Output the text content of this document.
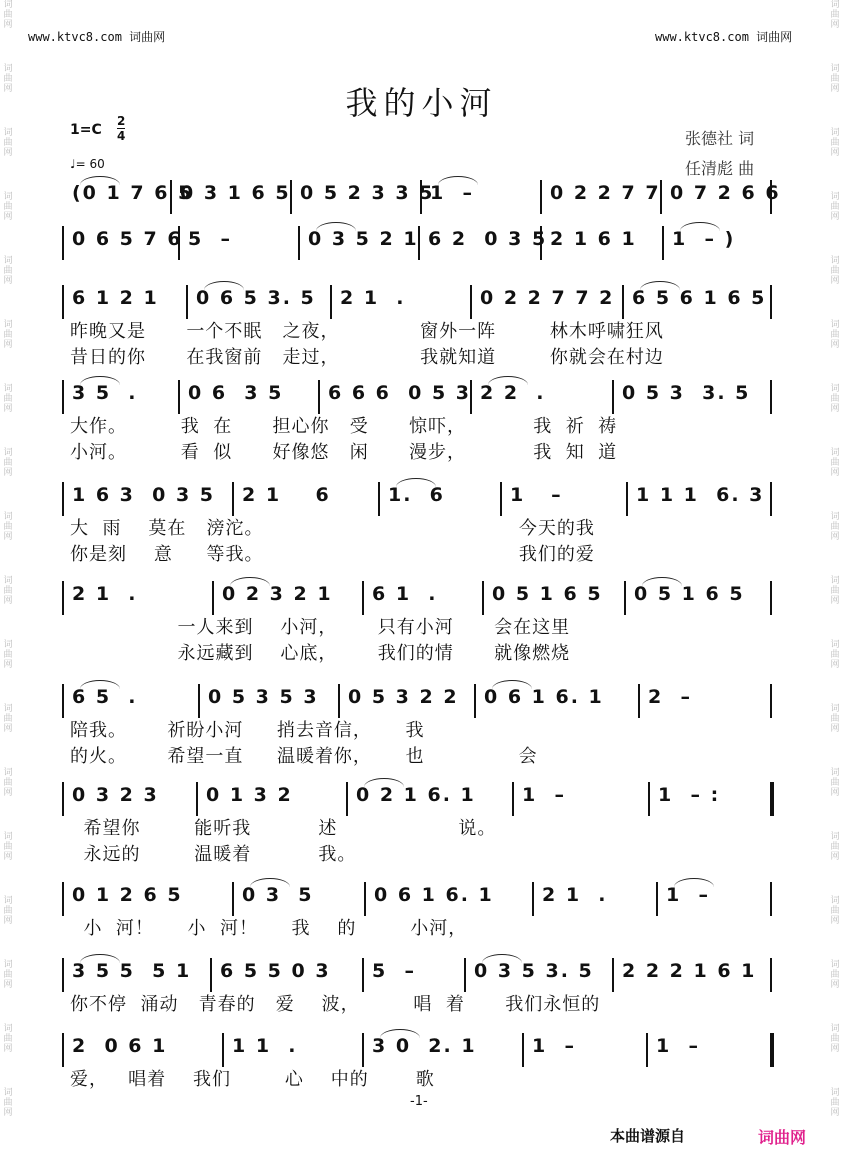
词
曲
网
词
曲
网
词
曲
网
词
曲
网
词
曲
网
词
曲
网
词
曲
网
词
曲
网
词
曲
网
词
曲
网
词
曲
网
词
曲
网
词
曲
网
词
曲
网
词
曲
网
词
曲
网
词
曲
网
词
曲
网
词
曲
网
词
曲
网
词
曲
网
词
曲
网
词
曲
网
词
曲
网
词
曲
网
词
曲
网
词
曲
网
词
曲
网
词
曲
网
词
曲
网
词
曲
网
词
曲
网
词
曲
网
词
曲
网
词
曲
网
词
曲
网
www.ktvc8.com 词曲网	www.ktvc8.com 词曲网
我的小河
1=C
2
4
♩= 60
张德社 词
任清彪 曲
(0 1 7 6 5
0 3 1 6 5 0 5 2 3 3 5
1  –	0 2 2 7 7 0 7 2 6 6
0 6 5 7 6 5  –	0 3 5 2 1 6 2  0 3 5 2 1 6 1 1  – )
6 1 2 1 0 6 5 3. 5 2 1  .	0 2 2 7 7 2 6 5 6 1 6 5
昨晚又是      一个不眠   之夜，            窗外一阵        林木呼啸狂风
昔日的你      在我窗前   走过，            我就知道        你就会在村边
3 5  .	0 6  3 5 6 6 6  0 5 3 2 2  .	0 5 3  3. 5
大作。        我  在      担心你   受      惊吓，          我  祈  祷
小河。        看  似      好像悠   闲      漫步，          我  知  道
1 6 3  0 3 5 2 1    6	1.  6	1   –	1 1 1  6. 3
大  雨    莫在   滂沱。                                      今天的我
你是刻    意     等我。                                      我们的爱
2 1  .	0 2 3 2 1 6 1  .	0 5 1 6 5 0 5 1 6 5
一人来到    小河，      只有小河      会在这里
永远藏到    心底，      我们的情      就像燃烧
6 5  .	0 5 3 5 3 0 5 3 2 2 0 6 1 6. 1 2  –
陪我。      祈盼小河     捎去音信，     我
的火。      希望一直     温暖着你，     也              会
0 3 2 3 0 1 3 2	0 2 1 6. 1 1  –	1  – :
希望你        能听我          述                  说。
永远的        温暖着          我。
0 1 2 6 5	0 3  5	0 6 1 6. 1	2 1  .	1  –
小  河！     小  河！     我    的        小河，
3 5 5  5 1 6 5 5 0 3 5  –	0 3 5 3. 5 2 2 2 1 6 1
你不停  涌动   青春的   爱    波，        唱  着      我们永恒的
2  0 6 1	1 1  .	3 0  2. 1	1  –	1  –
爱，   唱着    我们        心    中的       歌
-1-
本曲谱源自	词曲网
